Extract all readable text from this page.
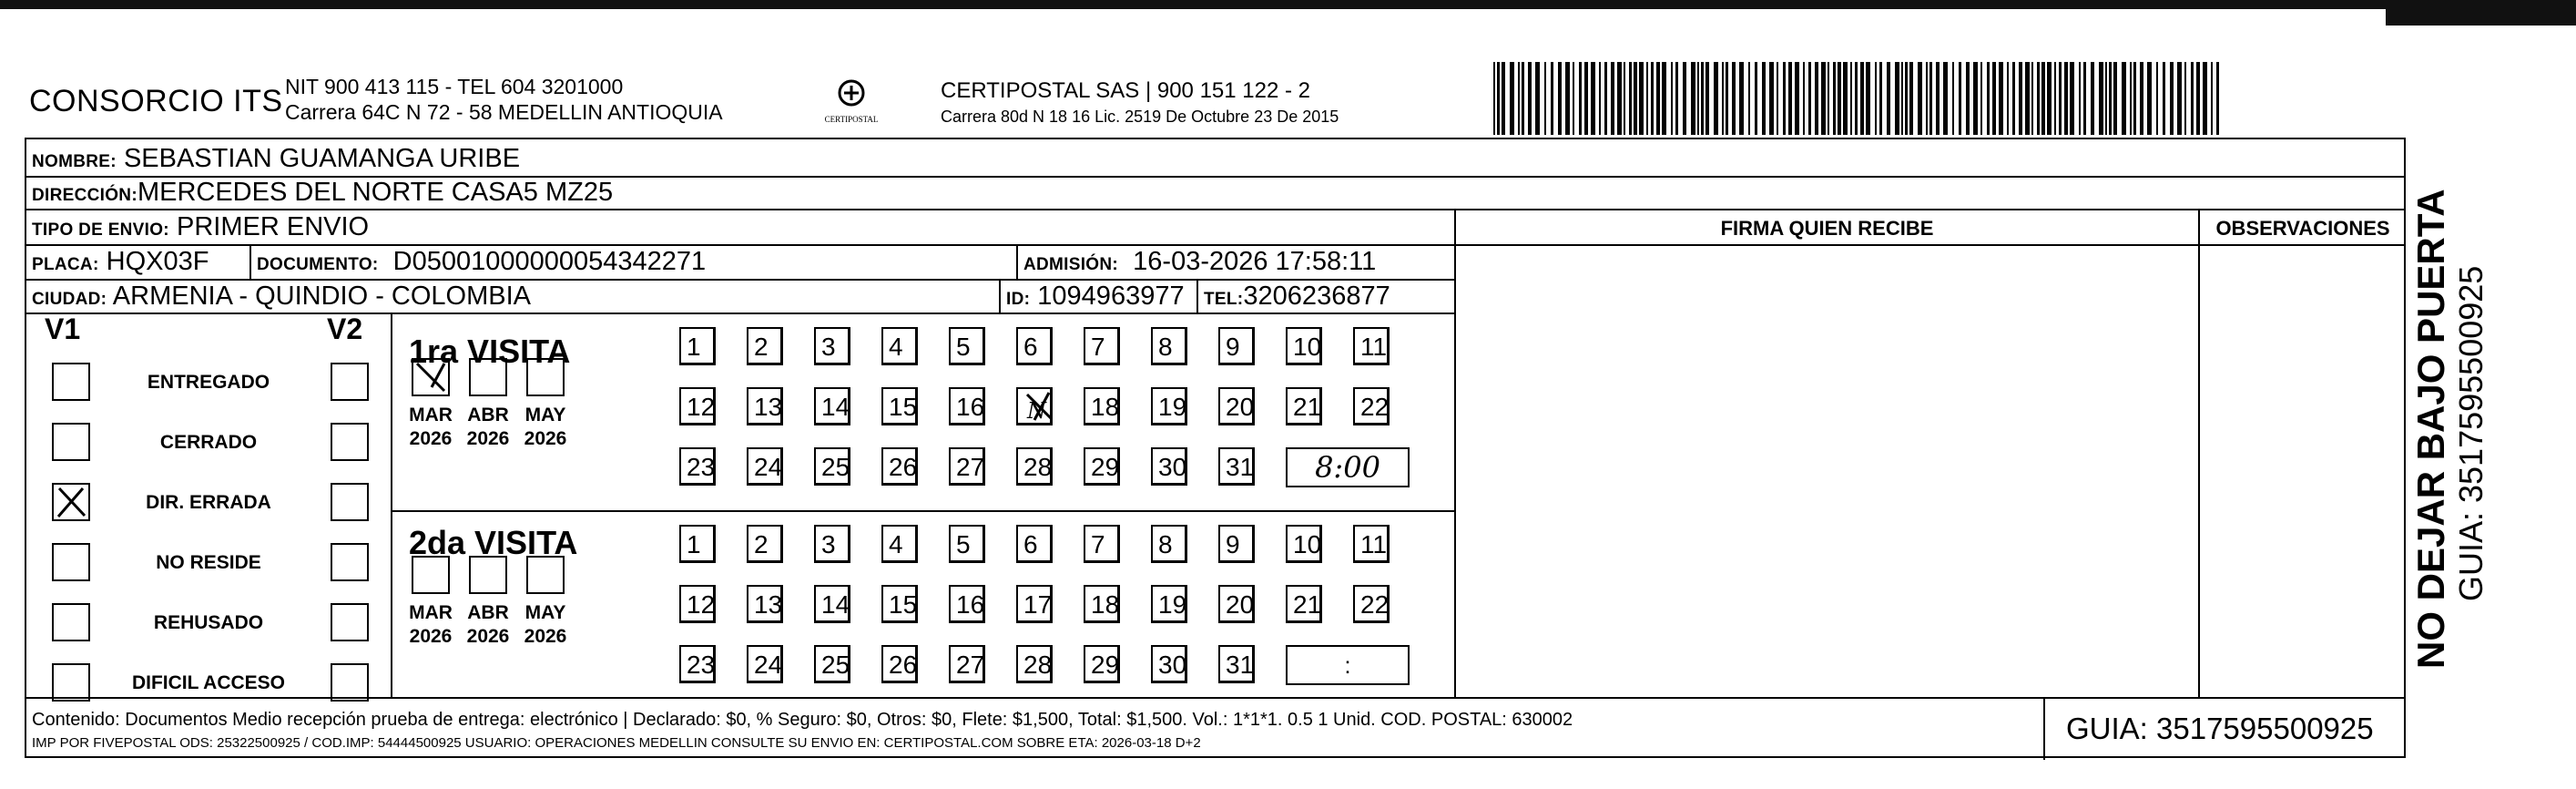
CONSORCIO ITS NIT 900 413 115 - TEL 604 3201000
Carrera 64C N 72 - 58 MEDELLIN ANTIOQUIA	CERTIPOSTAL
CERTIPOSTAL SAS | 900 151 122 - 2
Carrera 80d N 18 16 Lic. 2519 De Octubre 23 De 2015
NOMBRE: SEBASTIAN GUAMANGA URIBE
DIRECCIÓN:MERCEDES DEL NORTE CASA5 MZ25
TIPO DE ENVIO: PRIMER ENVIO
PLACA: HQX03F	DOCUMENTO: D05001000000054342271	ADMISIÓN: 16-03-2026 17:58:11
CIUDAD: ARMENIA - QUINDIO - COLOMBIA	ID: 1094963977 TEL:3206236877
FIRMA QUIEN RECIBE	OBSERVACIONES
V1	V2
ENTREGADO
CERRADO
DIR. ERRADA
NO RESIDE
REHUSADO
DIFICIL ACCESO
1ra VISITA
2da VISITA
MAR
2026
ABR
2026
MAY
2026
1	2	3	4	5	6	7	8	9	10 11
12 13 14 15 16 N 18 19 20 21 22
23 24 25 26 27 28 29 30 31	8:00
MAR
2026
ABR
2026
MAY
2026
1	2	3	4	5	6	7	8	9	10 11
12 13 14 15 16 17 18 19 20 21 22
23 24 25 26 27 28 29 30 31	:
Contenido: Documentos Medio recepción prueba de entrega: electrónico | Declarado: $0, % Seguro: $0, Otros: $0, Flete: $1,500, Total: $1,500. Vol.: 1*1*1. 0.5 1 Unid. COD. POSTAL: 630002
IMP POR FIVEPOSTAL ODS: 25322500925 / COD.IMP: 54444500925 USUARIO: OPERACIONES MEDELLIN CONSULTE SU ENVIO EN: CERTIPOSTAL.COM SOBRE ETA: 2026-03-18 D+2	GUIA: 3517595500925
NO DEJAR BAJO PUERTA GUIA: 3517595500925
